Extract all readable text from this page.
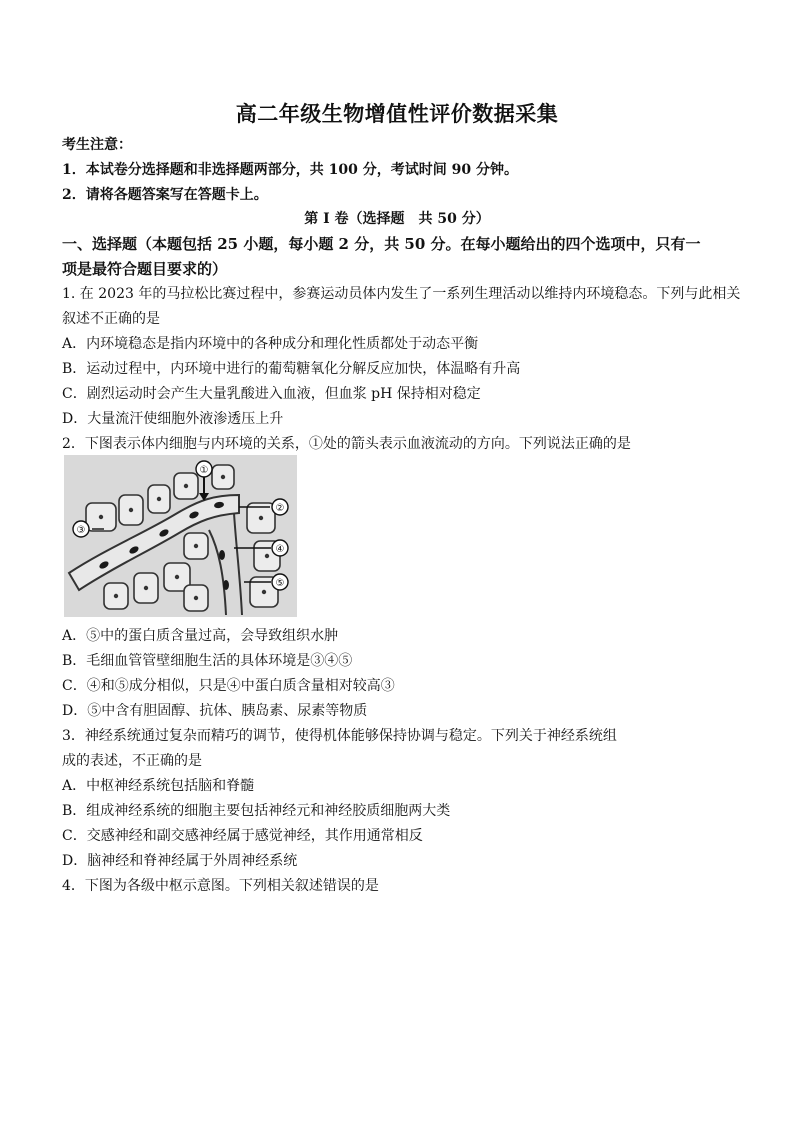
高二年级生物增值性评价数据采集
考生注意：
1．本试卷分选择题和非选择题两部分，共 100 分，考试时间 90 分钟。
2．请将各题答案写在答题卡上。
第 I 卷（选择题　共 50 分）
一、选择题（本题包括 25 小题，每小题 2 分，共 50 分。在每小题给出的四个选项中，只有一
项是最符合题目要求的）
1. 在 2023 年的马拉松比赛过程中，参赛运动员体内发生了一系列生理活动以维持内环境稳态。下列与此相关
叙述不正确的是
A．内环境稳态是指内环境中的各种成分和理化性质都处于动态平衡
B．运动过程中，内环境中进行的葡萄糖氧化分解反应加快，体温略有升高
C．剧烈运动时会产生大量乳酸进入血液，但血浆 pH 保持相对稳定
D．大量流汗使细胞外液渗透压上升
2．下图表示体内细胞与内环境的关系，①处的箭头表示血液流动的方向。下列说法正确的是
①
②
③
④
⑤
A．⑤中的蛋白质含量过高，会导致组织水肿
B．毛细血管管壁细胞生活的具体环境是③④⑤
C．④和⑤成分相似，只是④中蛋白质含量相对较高③
D．⑤中含有胆固醇、抗体、胰岛素、尿素等物质
3．神经系统通过复杂而精巧的调节，使得机体能够保持协调与稳定。下列关于神经系统组
成的表述，不正确的是
A．中枢神经系统包括脑和脊髓
B．组成神经系统的细胞主要包括神经元和神经胶质细胞两大类
C．交感神经和副交感神经属于感觉神经，其作用通常相反
D．脑神经和脊神经属于外周神经系统
4．下图为各级中枢示意图。下列相关叙述错误的是
